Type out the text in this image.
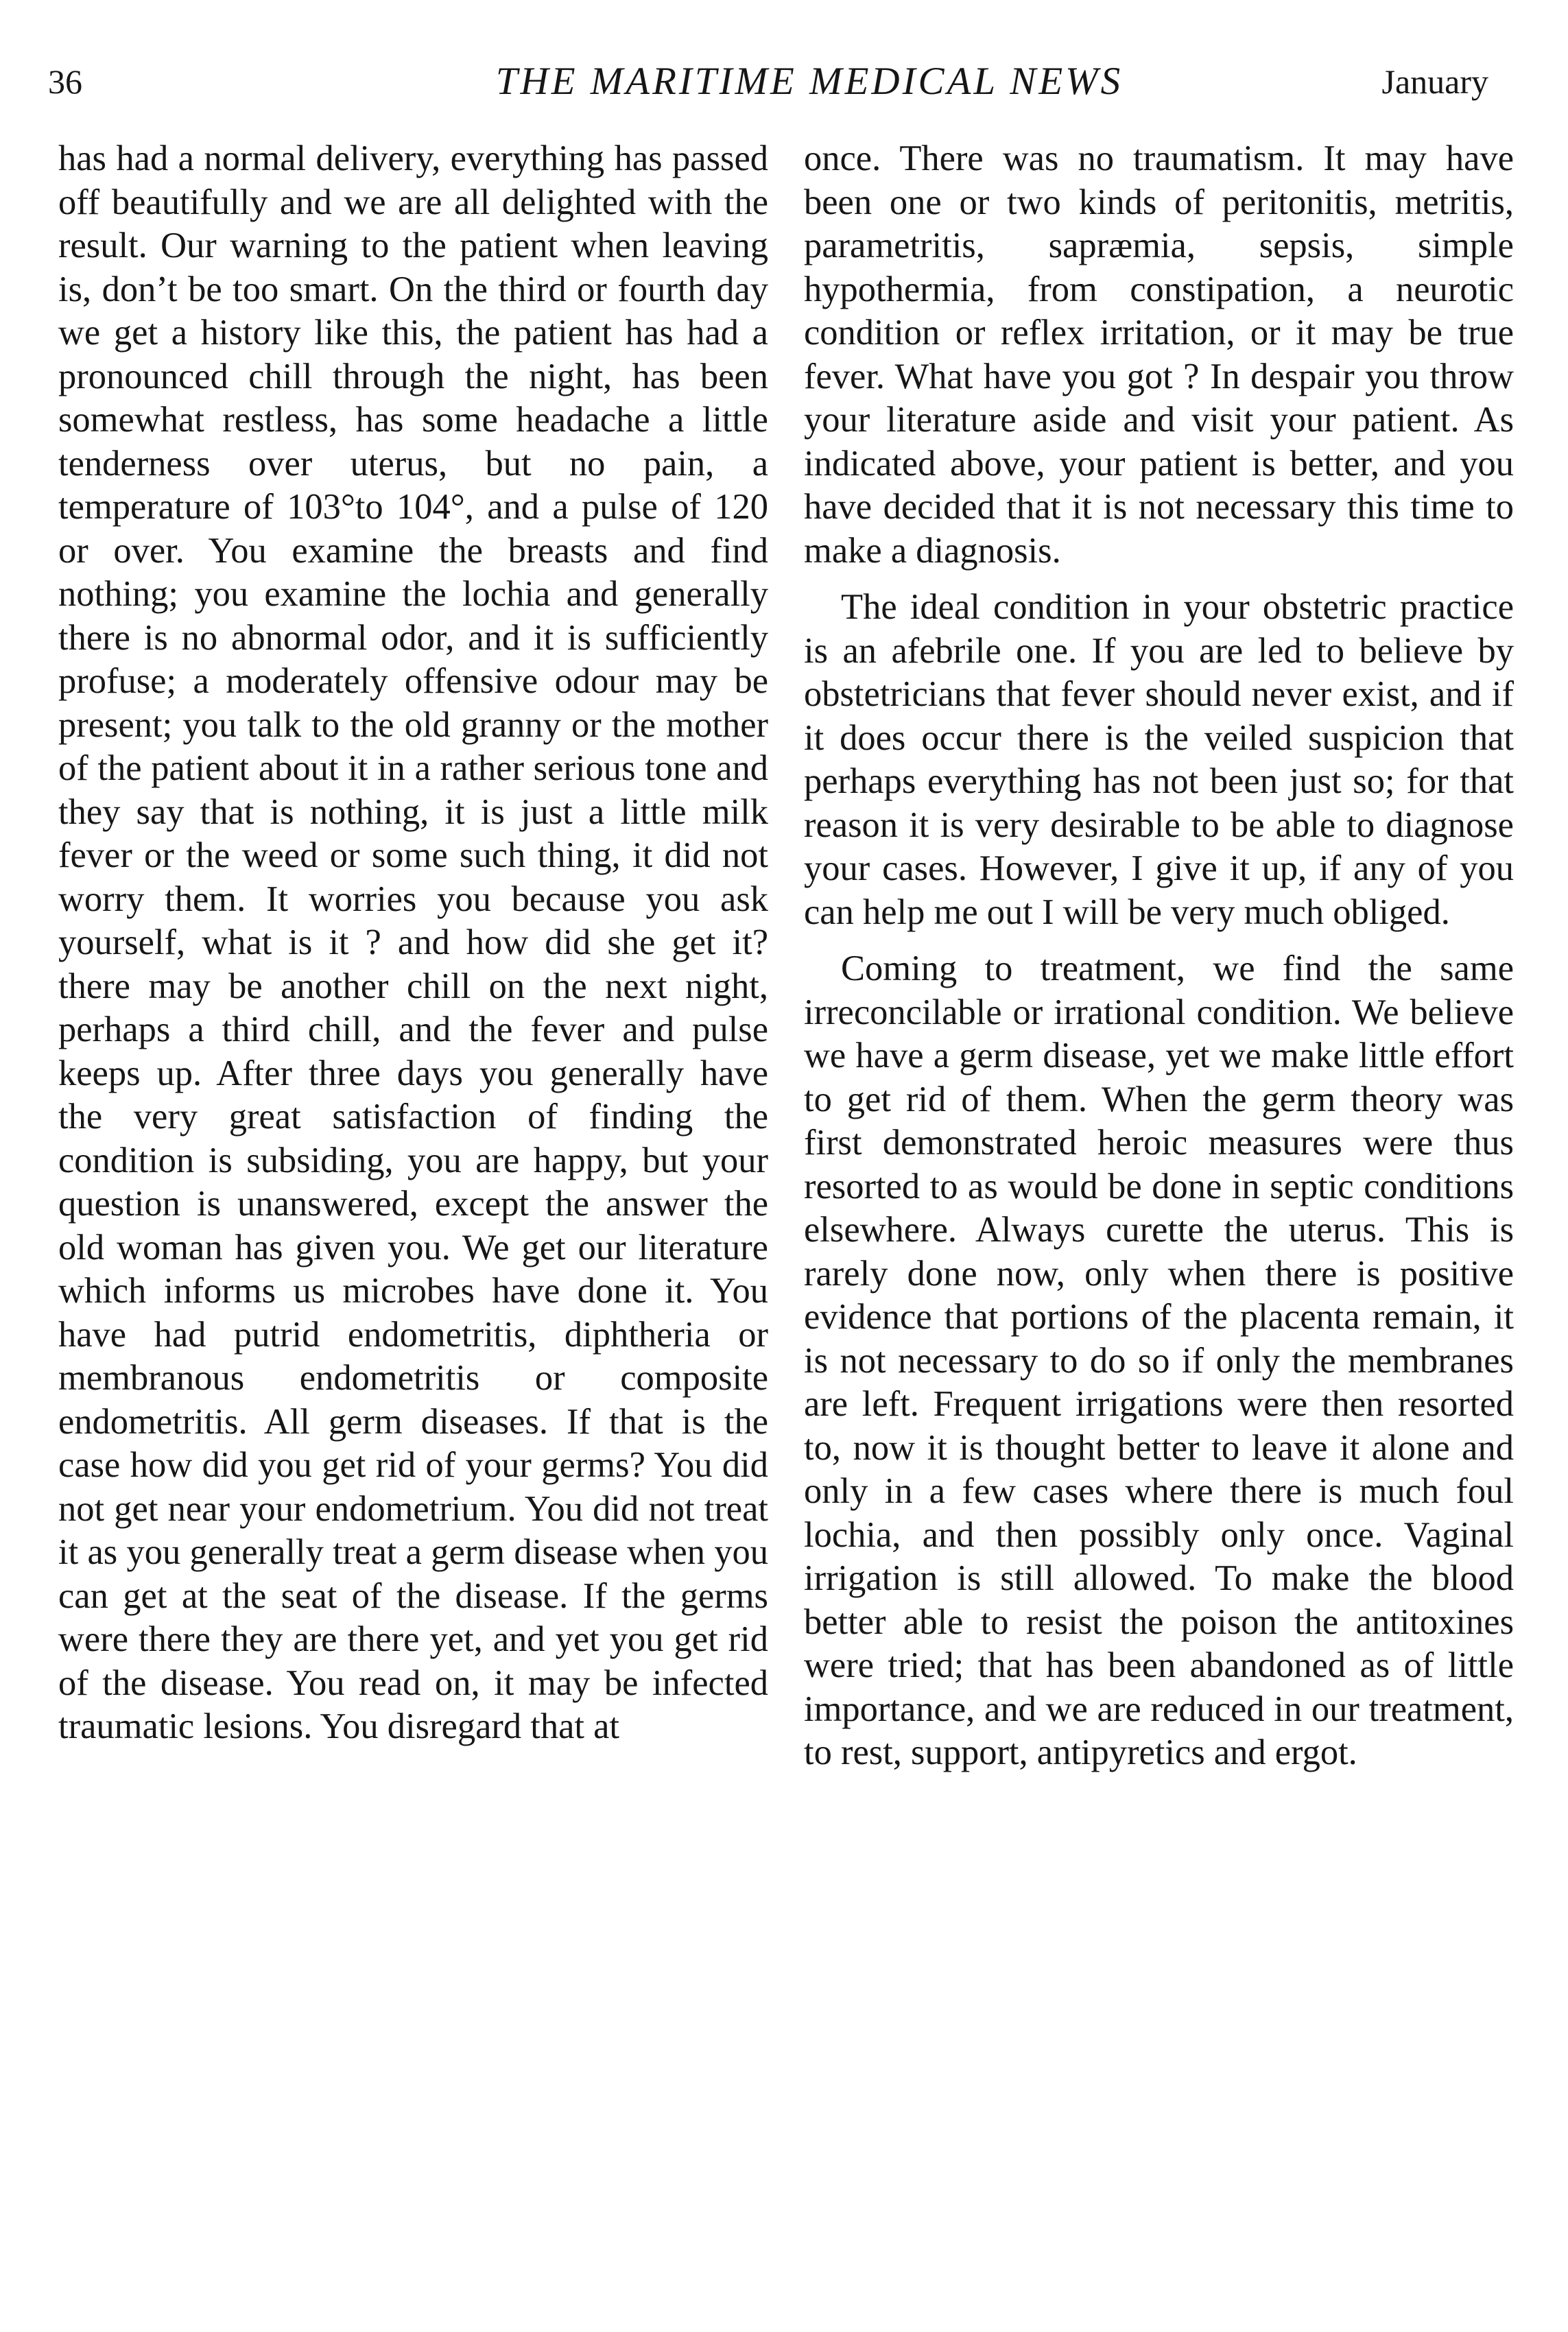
36	THE MARITIME MEDICAL NEWS	January

has had a normal delivery, everything has passed off beautifully and we are all delighted with the result. Our warning to the patient when leaving is, don’t be too smart. On the third or fourth day we get a history like this, the patient has had a pronounced chill through the night, has been somewhat restless, has some headache a little tenderness over uterus, but no pain, a temperature of 103°to 104°, and a pulse of 120 or over. You examine the breasts and find nothing; you examine the lochia and generally there is no abnormal odor, and it is sufficiently profuse; a moderately offensive odour may be present; you talk to the old granny or the mother of the patient about it in a rather serious tone and they say that is nothing, it is just a little milk fever or the weed or some such thing, it did not worry them. It worries you because you ask yourself, what is it ? and how did she get it? there may be another chill on the next night, perhaps a third chill, and the fever and pulse keeps up. After three days you generally have the very great satisfaction of finding the condition is subsiding, you are happy, but your question is unanswered, except the answer the old woman has given you. We get our literature which informs us microbes have done it. You have had putrid endometritis, diphtheria or membranous endometritis or composite endometritis. All germ diseases. If that is the case how did you get rid of your germs? You did not get near your endometrium. You did not treat it as you generally treat a germ disease when you can get at the seat of the disease. If the germs were there they are there yet, and yet you get rid of the disease. You read on, it may be infected traumatic lesions. You disregard that at

once. There was no traumatism. It may have been one or two kinds of peritonitis, metritis, parametritis, sapræmia, sepsis, simple hypothermia, from constipation, a neurotic condition or reflex irritation, or it may be true fever. What have you got ? In despair you throw your literature aside and visit your patient. As indicated above, your patient is better, and you have decided that it is not necessary this time to make a diagnosis.

The ideal condition in your obstetric practice is an afebrile one. If you are led to believe by obstetricians that fever should never exist, and if it does occur there is the veiled suspicion that perhaps everything has not been just so; for that reason it is very desirable to be able to diagnose your cases. However, I give it up, if any of you can help me out I will be very much obliged.

Coming to treatment, we find the same irreconcilable or irrational condition. We believe we have a germ disease, yet we make little effort to get rid of them. When the germ theory was first demonstrated heroic measures were thus resorted to as would be done in septic conditions elsewhere. Always curette the uterus. This is rarely done now, only when there is positive evidence that portions of the placenta remain, it is not necessary to do so if only the membranes are left. Frequent irrigations were then resorted to, now it is thought better to leave it alone and only in a few cases where there is much foul lochia, and then possibly only once. Vaginal irrigation is still allowed. To make the blood better able to resist the poison the antitoxines were tried; that has been abandoned as of little importance, and we are reduced in our treatment, to rest, support, antipyretics and ergot.
